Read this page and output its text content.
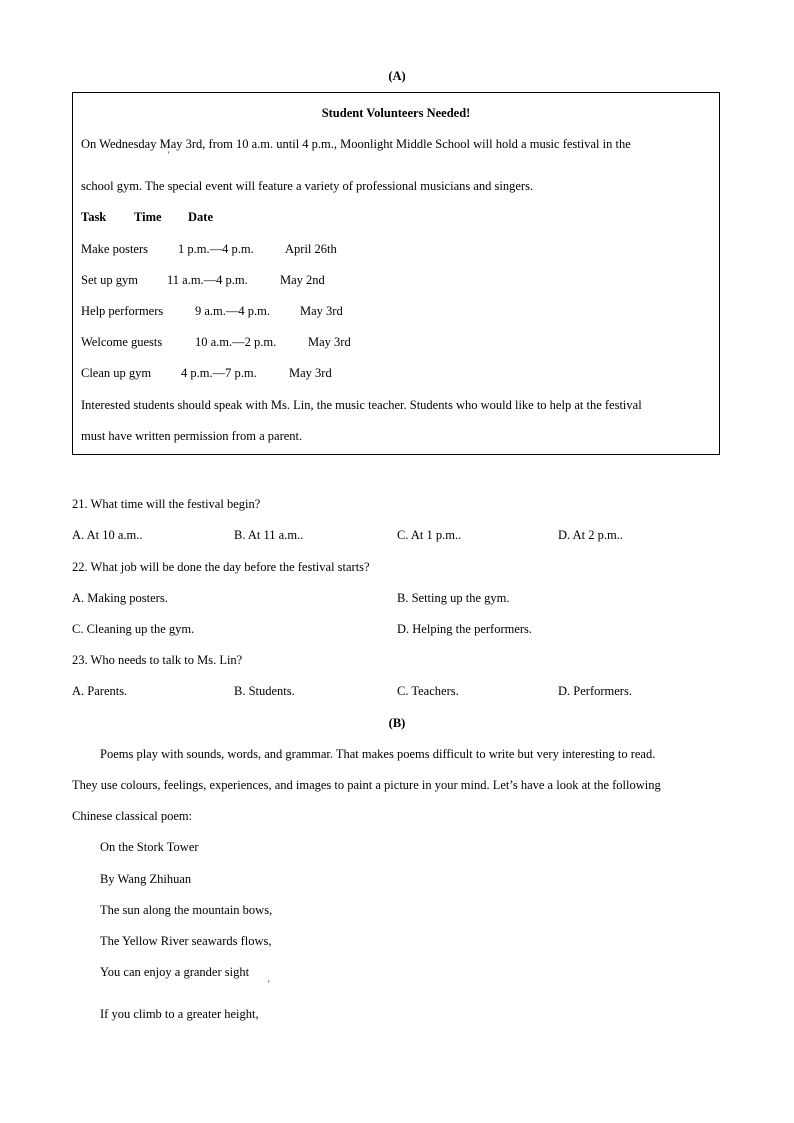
(A)
Student Volunteers Needed!
On Wednesday May 3rd, from 10 a.m. until 4 p.m., Moonlight Middle School will hold a music festival in the
'
school gym. The special event will feature a variety of professional musicians and singers.
Task Time Date
Make posters 1 p.m.—4 p.m.	April 26th
Set up gym 11 a.m.—4 p.m.	May 2nd
Help performers	9 a.m.—4 p.m. May 3rd
Welcome guests	10 a.m.—2 p.m.	May 3rd
Clean up gym 4 p.m.—7 p.m.	May 3rd
Interested students should speak with Ms. Lin, the music teacher. Students who would like to help at the festival
must have written permission from a parent.
21. What time will the festival begin?
A. At 10 a.m..	B. At 11 a.m..	C. At 1 p.m..	D. At 2 p.m..
22. What job will be done the day before the festival starts?
A. Making posters.	B. Setting up the gym.
C. Cleaning up the gym.	D. Helping the performers.
23. Who needs to talk to Ms. Lin?
A. Parents.	B. Students.	C. Teachers.	D. Performers.
(B)
Poems play with sounds, words, and grammar. That makes poems difficult to write but very interesting to read.
They use colours, feelings, experiences, and images to paint a picture in your mind. Let’s have a look at the following
Chinese classical poem:
On the Stork Tower
By Wang Zhihuan
The sun along the mountain bows,
The Yellow River seawards flows,
You can enjoy a grander sight
'
If you climb to a greater height,
